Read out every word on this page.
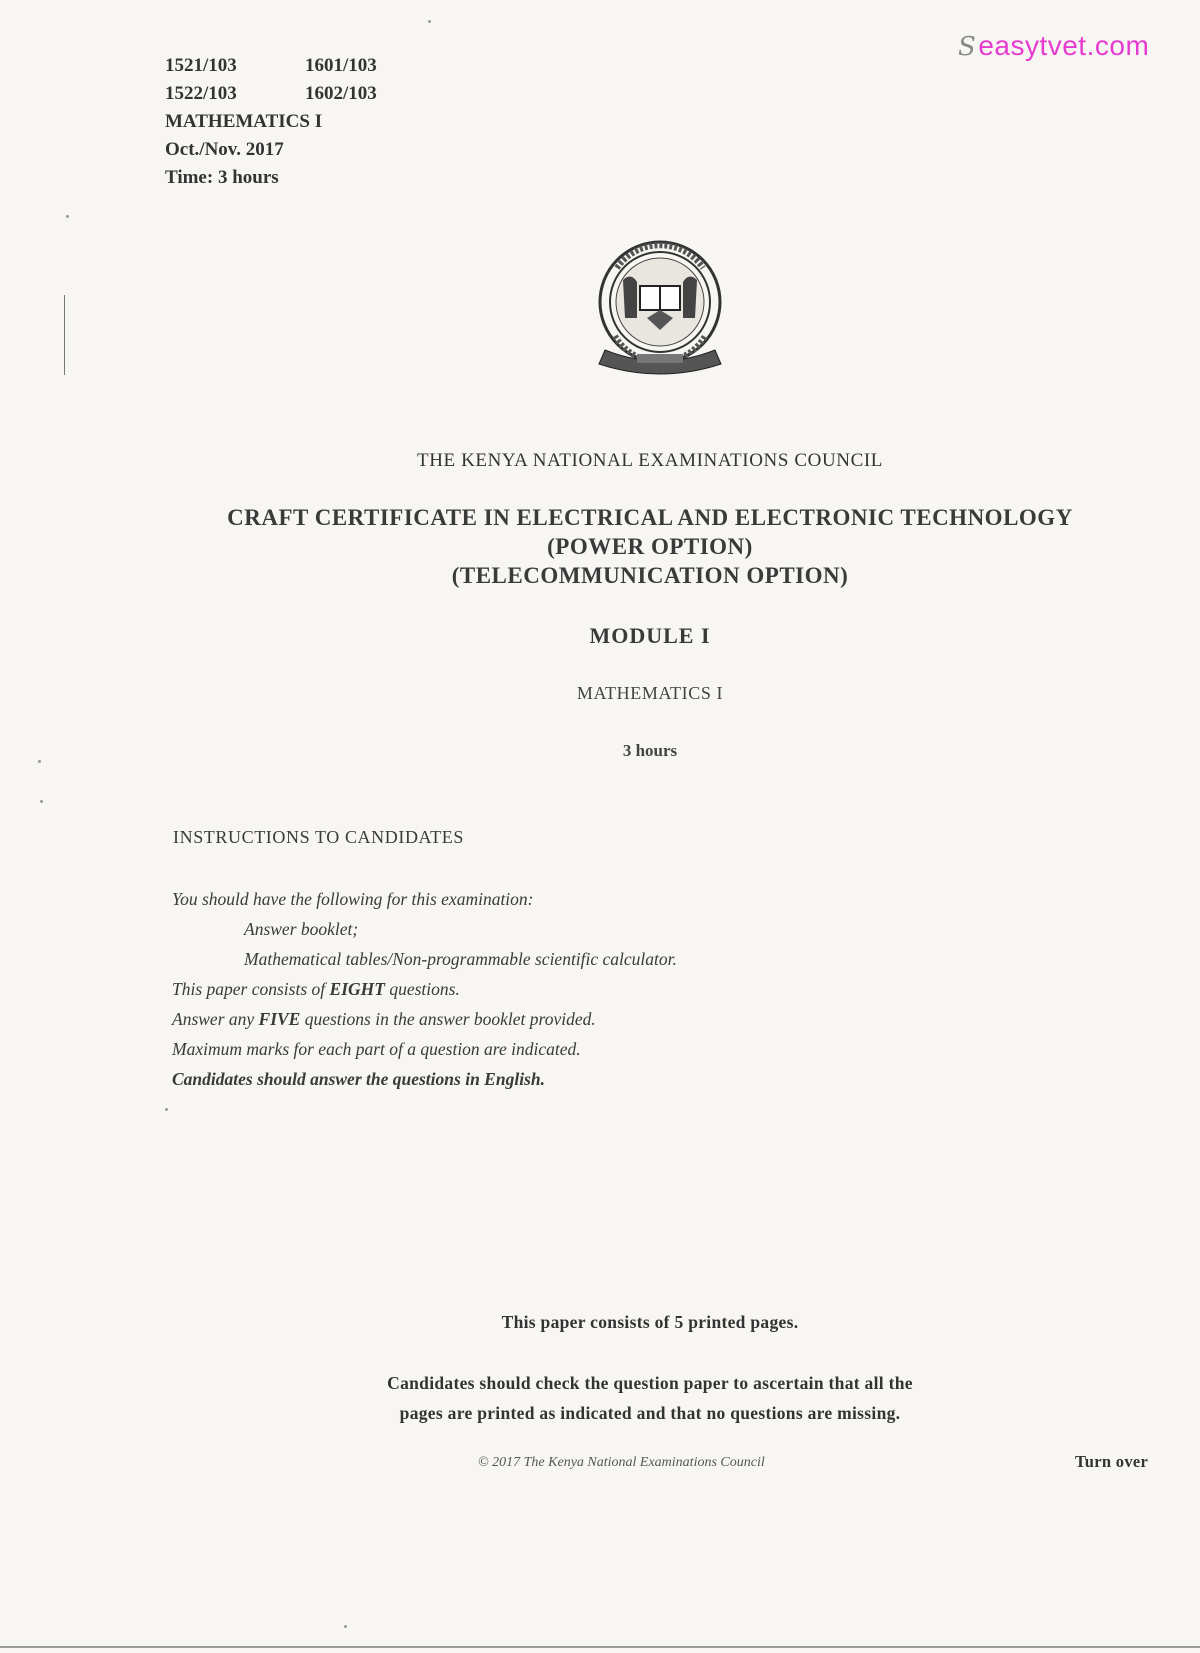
1521/103	1601/103
1522/103	1602/103
MATHEMATICS I
Oct./Nov. 2017
Time: 3 hours
Seasytvet.com
THE KENYA NATIONAL EXAMINATIONS COUNCIL
CRAFT CERTIFICATE IN ELECTRICAL AND ELECTRONIC TECHNOLOGY
(POWER OPTION)
(TELECOMMUNICATION OPTION)
MODULE I
MATHEMATICS I
3 hours
INSTRUCTIONS TO CANDIDATES
You should have the following for this examination:
Answer booklet;
Mathematical tables/Non-programmable scientific calculator.
This paper consists of EIGHT questions.
Answer any FIVE questions in the answer booklet provided.
Maximum marks for each part of a question are indicated.
Candidates should answer the questions in English.
This paper consists of 5 printed pages.
Candidates should check the question paper to ascertain that all the
pages are printed as indicated and that no questions are missing.
© 2017 The Kenya National Examinations Council	Turn over
